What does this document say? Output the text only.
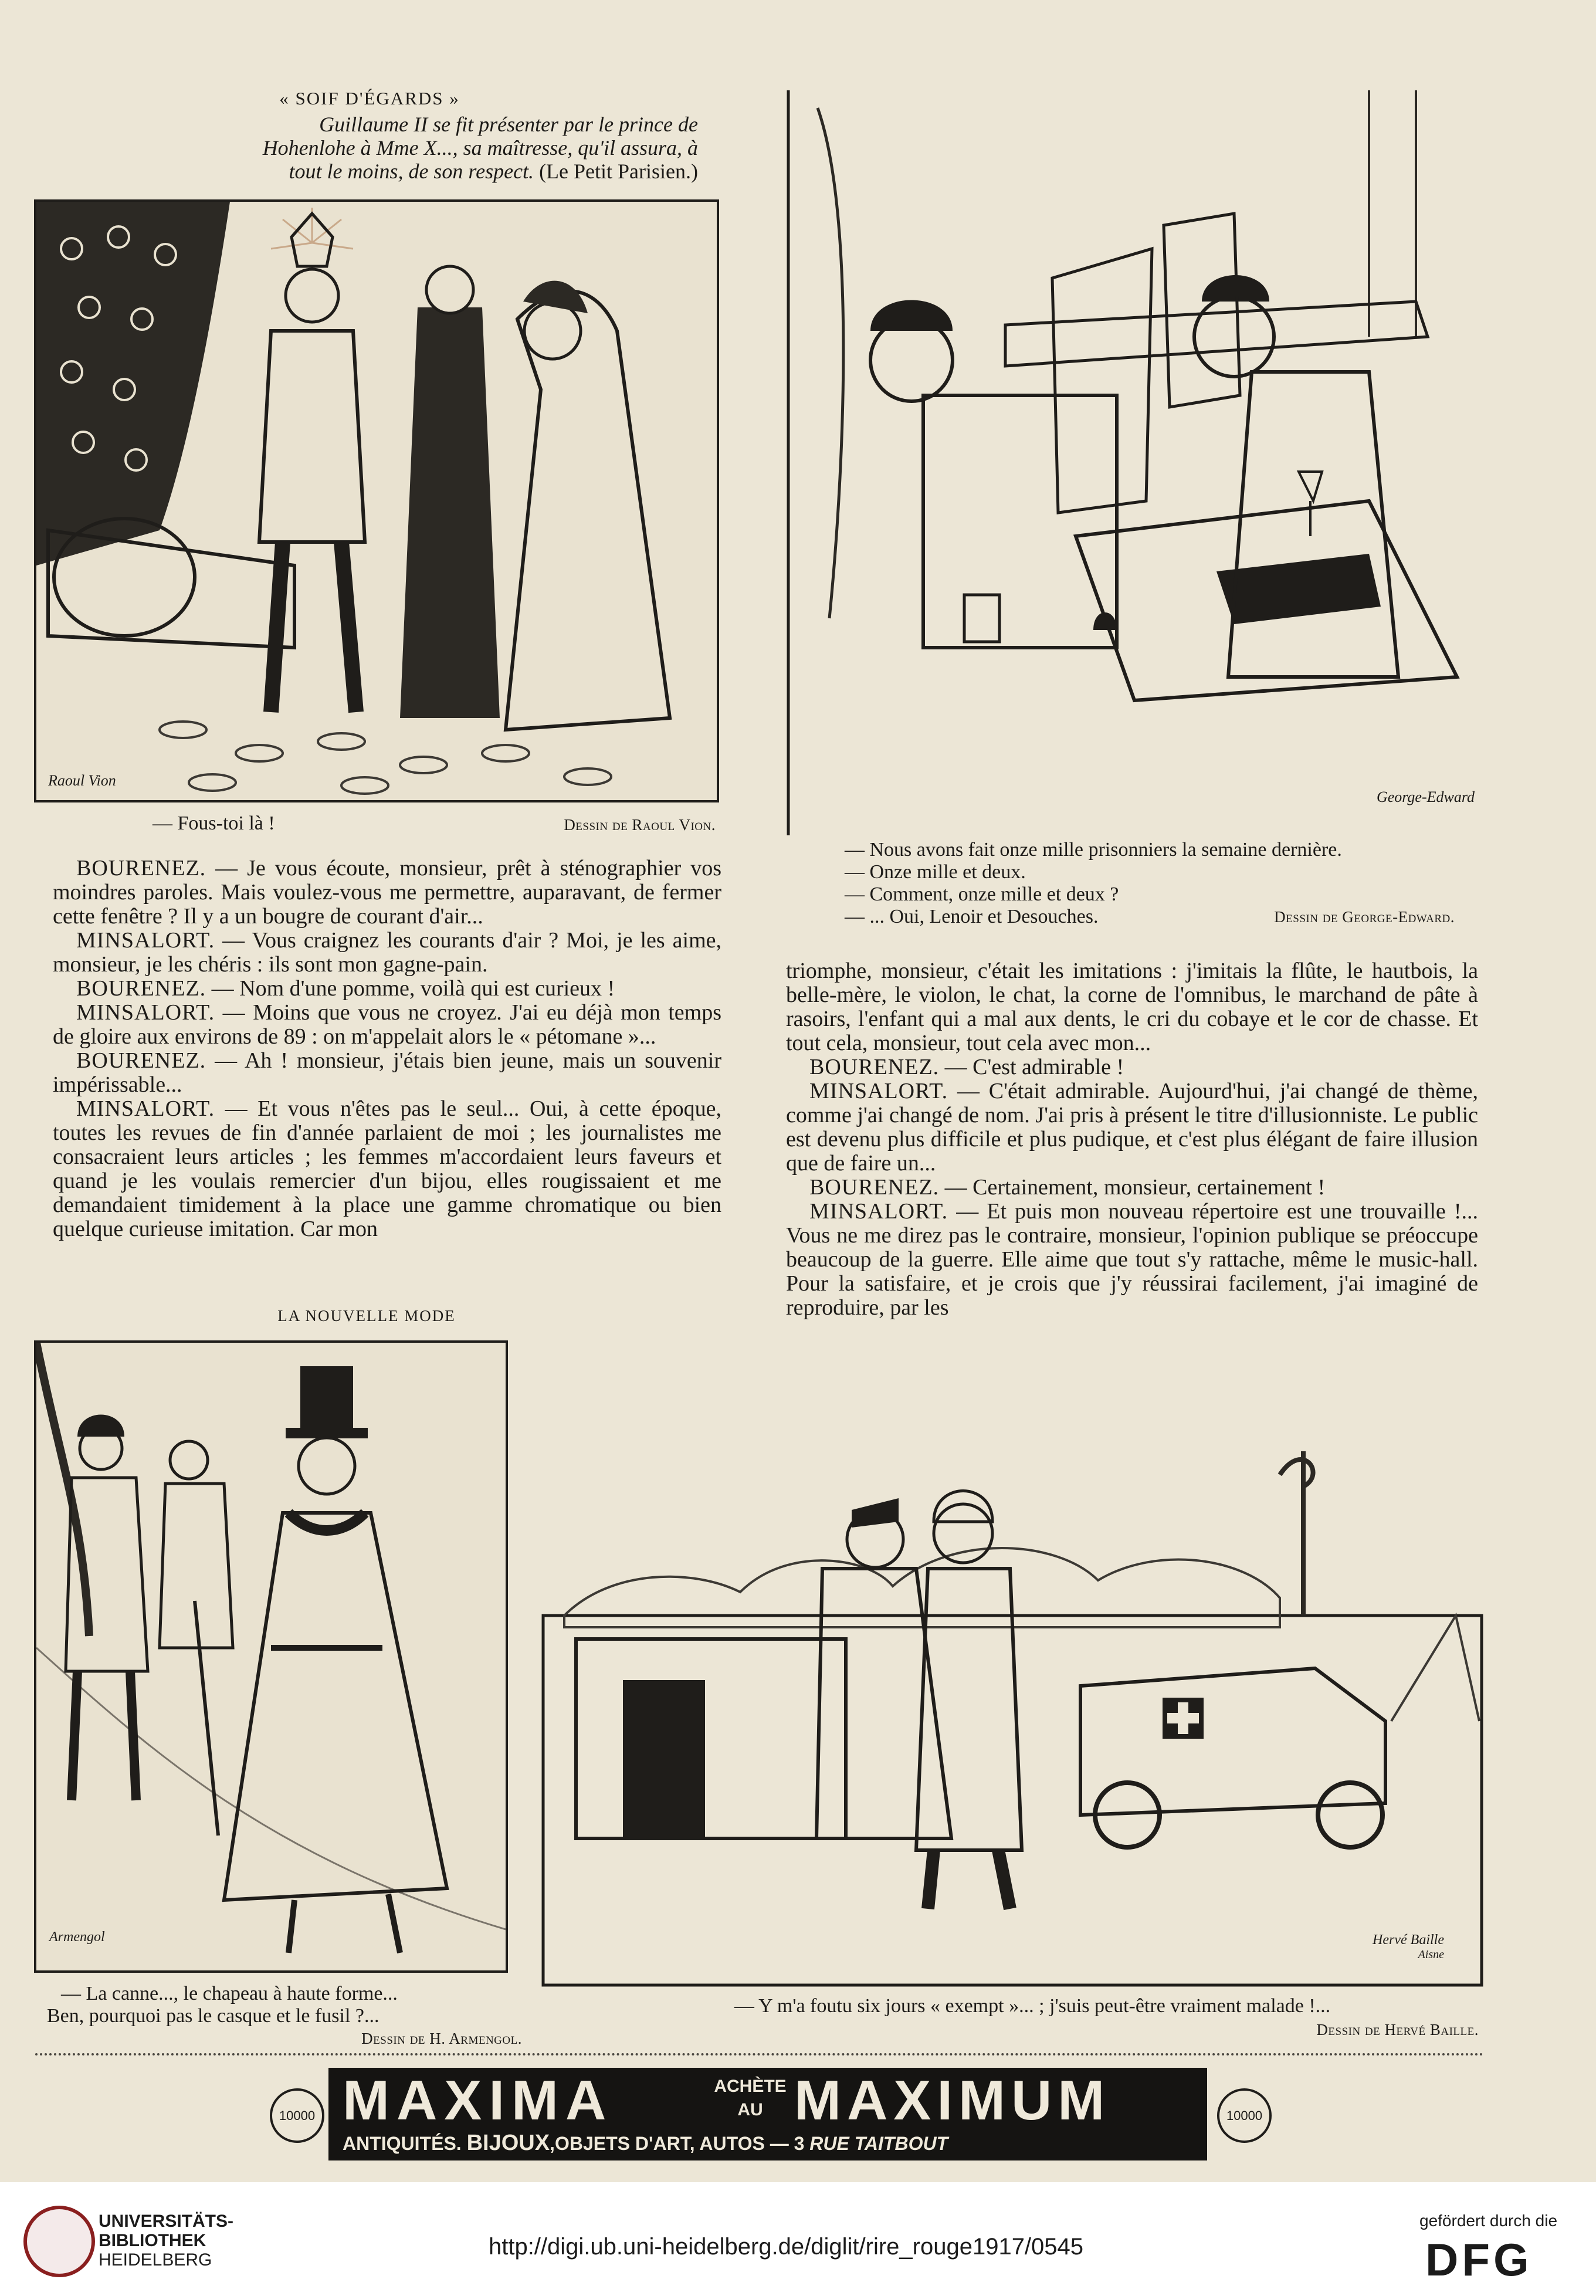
« SOIF D'ÉGARDS »
Guillaume II se fit présenter par le prince de
Hohenlohe à Mme X..., sa maîtresse, qu'il assura, à
tout le moins, de son respect. (Le Petit Parisien.)
Raoul Vion
— Fous-toi là !	Dessin de Raoul Vion.
George-Edward
— Nous avons fait onze mille prisonniers la semaine dernière.
— Onze mille et deux.
— Comment, onze mille et deux ?
— ... Oui, Lenoir et Desouches.	Dessin de George-Edward.

BOURENEZ. — Je vous écoute, monsieur, prêt à sténographier vos moindres paroles. Mais voulez-vous me permettre, auparavant, de fermer cette fenêtre ? Il y a un bougre de courant d'air...

MINSALORT. — Vous craignez les courants d'air ? Moi, je les aime, monsieur, je les chéris : ils sont mon gagne-pain.

BOURENEZ. — Nom d'une pomme, voilà qui est curieux !

MINSALORT. — Moins que vous ne croyez. J'ai eu déjà mon temps de gloire aux environs de 89 : on m'appelait alors le « pétomane »...

BOURENEZ. — Ah ! monsieur, j'étais bien jeune, mais un souvenir impérissable...

MINSALORT. — Et vous n'êtes pas le seul... Oui, à cette époque, toutes les revues de fin d'année parlaient de moi ; les journalistes me consacraient leurs articles ; les femmes m'accordaient leurs faveurs et quand je les voulais remercier d'un bijou, elles rougissaient et me demandaient timidement à la place une gamme chromatique ou bien quelque curieuse imitation. Car mon

triomphe, monsieur, c'était les imitations : j'imitais la flûte, le hautbois, la belle-mère, le violon, le chat, la corne de l'omnibus, le marchand de pâte à rasoirs, l'enfant qui a mal aux dents, le cri du cobaye et le cor de chasse. Et tout cela, monsieur, tout cela avec mon...

BOURENEZ. — C'est admirable !

MINSALORT. — C'était admirable. Aujourd'hui, j'ai changé de thème, comme j'ai changé de nom. J'ai pris à présent le titre d'illusionniste. Le public est devenu plus difficile et plus pudique, et c'est plus élégant de faire illusion que de faire un...

BOURENEZ. — Certainement, monsieur, certainement !

MINSALORT. — Et puis mon nouveau répertoire est une trouvaille !... Vous ne me direz pas le contraire, monsieur, l'opinion publique se préoccupe beaucoup de la guerre. Elle aime que tout s'y rattache, même le music-hall. Pour la satisfaire, et je crois que j'y réussirai facilement, j'ai imaginé de reproduire, par les

LA NOUVELLE MODE
Armengol
— La canne..., le chapeau à haute forme...
Ben, pourquoi pas le casque et le fusil ?...
Dessin de H. Armengol.
Hervé Baille
Aisne
— Y m'a foutu six jours « exempt »... ; j'suis peut-être vraiment malade !...
Dessin de Hervé Baille.
10000	10000
MAXIMA	ACHÈTE
AU MAXIMUM
ANTIQUITÉS. BIJOUX,OBJETS D'ART, AUTOS — 3 RUE TAITBOUT
UNIVERSITÄTS-
BIBLIOTHEK
HEIDELBERG
http://digi.ub.uni-heidelberg.de/diglit/rire_rouge1917/0545
gefördert durch die
DFG
